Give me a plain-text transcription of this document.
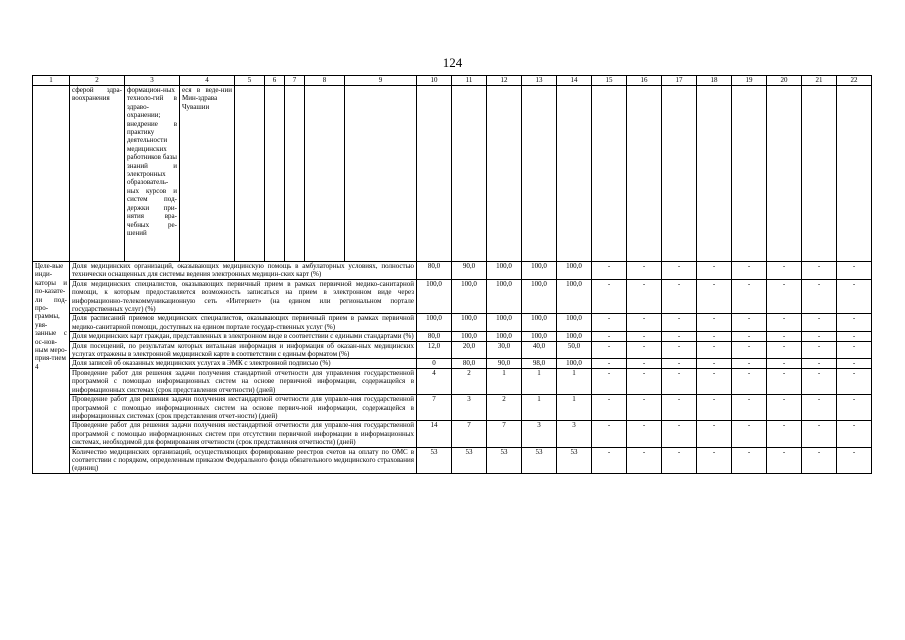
124
1	2	3	4	5	6	7	8	9	10	11	12	13	14	15	16	17	18	19	20	21	22
	сферой здра-воохранения	формацион-ных техноло-гий в здраво-охранении; внедрение в практику деятельности медицинских работников базы знаний и электронных образователь-ных курсов и систем под-держки при-нятия вра-чебных ре-шений	еся в веде-нии Мин-здрава Чувашии																		
Целе-вые инди-каторы и по-казате-ли под-про-граммы, увя-занные с ос-нов-ным меро-прия-тием 4	Доля медицинских организаций, оказывающих медицинскую помощь в амбулаторных условиях, полностью технически оснащенных для системы ведения электронных медицин-ских карт (%)								80,0	90,0	100,0	100,0	100,0	-	-	-	-	-	-	-	-
	Доля медицинских специалистов, оказывающих первичный прием в рамках первичной медико-санитарной помощи, к которым предоставляется возможность записаться на прием в электронном виде через информационно-телекоммуникационную сеть «Интернет» (на едином или региональном портале государственных услуг) (%)								100,0	100,0	100,0	100,0	100,0	-	-	-	-	-	-	-	-
	Доля расписаний приемов медицинских специалистов, оказывающих первичный прием в рамках первичной медико-санитарной помощи, доступных на едином портале государ-ственных услуг (%)								100,0	100,0	100,0	100,0	100,0	-	-	-	-	-	-	-	-
	Доля медицинских карт граждан, представленных в электронном виде в соответствии с едиными стандартами (%)								80,0	100,0	100,0	100,0	100,0	-	-	-	-	-	-	-	-
	Доля посещений, по результатам которых витальная информация и информация об оказан-ных медицинских услугах отражены в электронной медицинской карте в соответствии с единым форматом (%)								12,0	20,0	30,0	40,0	50,0	-	-	-	-	-	-	-	-
	Доля записей об оказанных медицинских услугах в ЭМК с электронной подписью (%)								0	80,0	90,0	98,0	100,0	-	-	-	-	-	-	-	-
	Проведение работ для решения задачи получения стандартной отчетности для управления государственной программой с помощью информационных систем на основе первичной информации, содержащейся в информационных системах (срок представления отчетности) (дней)								4	2	1	1	1	-	-	-	-	-	-	-	-
	Проведение работ для решения задачи получения нестандартной отчетности для управле-ния государственной программой с помощью информационных систем на основе первич-ной информации, содержащейся в информационных системах (срок представления отчет-ности) (дней)								7	3	2	1	1	-	-	-	-	-	-	-	-
	Проведение работ для решения задачи получения нестандартной отчетности для управле-ния государственной программой с помощью информационных систем при отсутствии первичной информации в информационных системах, необходимой для формирования отчетности (срок представления отчетности) (дней)								14	7	7	3	3	-	-	-	-	-	-	-	-
	Количество медицинских организаций, осуществляющих формирование реестров счетов на оплату по ОМС в соответствии с порядком, определенным приказом Федерального фонда обязательного медицинского страхования (единиц)								53	53	53	53	53	-	-	-	-	-	-	-	-
